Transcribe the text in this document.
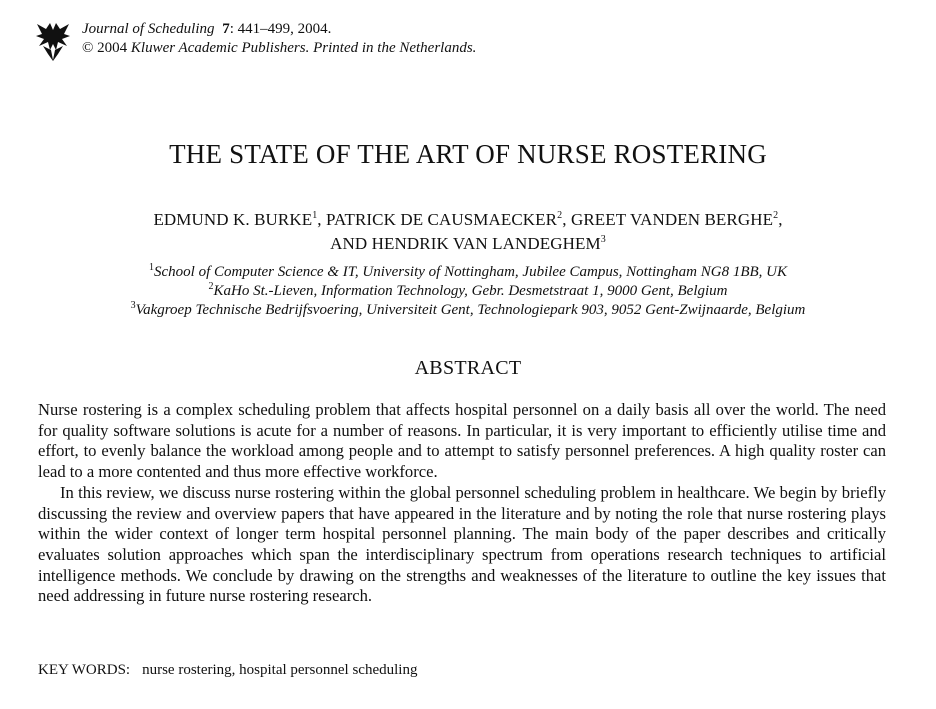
Journal of Scheduling 7: 441–499, 2004.
© 2004 Kluwer Academic Publishers. Printed in the Netherlands.
THE STATE OF THE ART OF NURSE ROSTERING
EDMUND K. BURKE$^1$, PATRICK DE CAUSMAECKER$^2$, GREET VANDEN BERGHE$^2$,
AND HENDRIK VAN LANDEGHEM$^3$
$^1$School of Computer Science & IT, University of Nottingham, Jubilee Campus, Nottingham NG8 1BB, UK
$^2$KaHo St.-Lieven, Information Technology, Gebr. Desmetstraat 1, 9000 Gent, Belgium
$^3$Vakgroep Technische Bedrijfsvoering, Universiteit Gent, Technologiepark 903, 9052 Gent-Zwijnaarde, Belgium
ABSTRACT

Nurse rostering is a complex scheduling problem that affects hospital personnel on a daily basis all over the world. The need for quality software solutions is acute for a number of reasons. In particular, it is very important to efficiently utilise time and effort, to evenly balance the workload among people and to attempt to satisfy personnel preferences. A high quality roster can lead to a more contented and thus more effective workforce.

In this review, we discuss nurse rostering within the global personnel scheduling problem in healthcare. We begin by briefly discussing the review and overview papers that have appeared in the literature and by noting the role that nurse rostering plays within the wider context of longer term hospital personnel planning. The main body of the paper describes and critically evaluates solution approaches which span the interdisciplinary spectrum from operations research techniques to artificial intelligence methods. We conclude by drawing on the strengths and weaknesses of the literature to outline the key issues that need addressing in future nurse rostering research.

KEY WORDS: nurse rostering, hospital personnel scheduling
